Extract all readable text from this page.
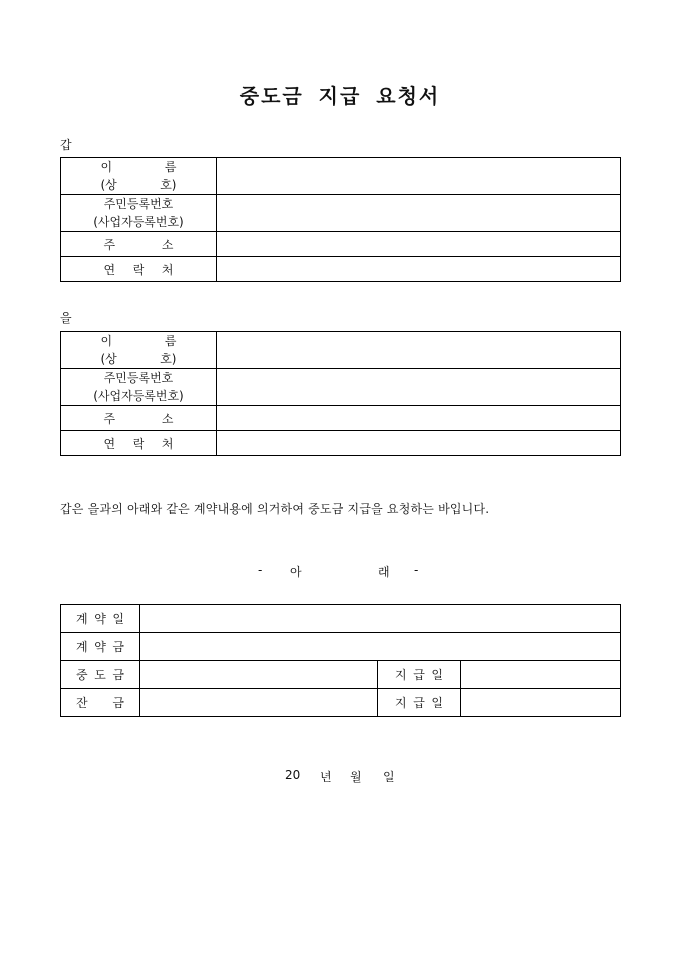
중도금 지급 요청서
갑
이 름
(상 호)	

주민등록번호
(사업자등록번호)	

주 소	

연 락 처	

을
이 름
(상 호)	

주민등록번호
(사업자등록번호)	

주 소	

연 락 처	

갑은 을과의 아래와 같은 계약내용에 의거하여 중도금 지급을 요청하는 바입니다.
- 아	래 -
계 약 일			

계 약 금			

중 도 금		지 급 일	

잔 금		지 급 일	

20 년 월 일
